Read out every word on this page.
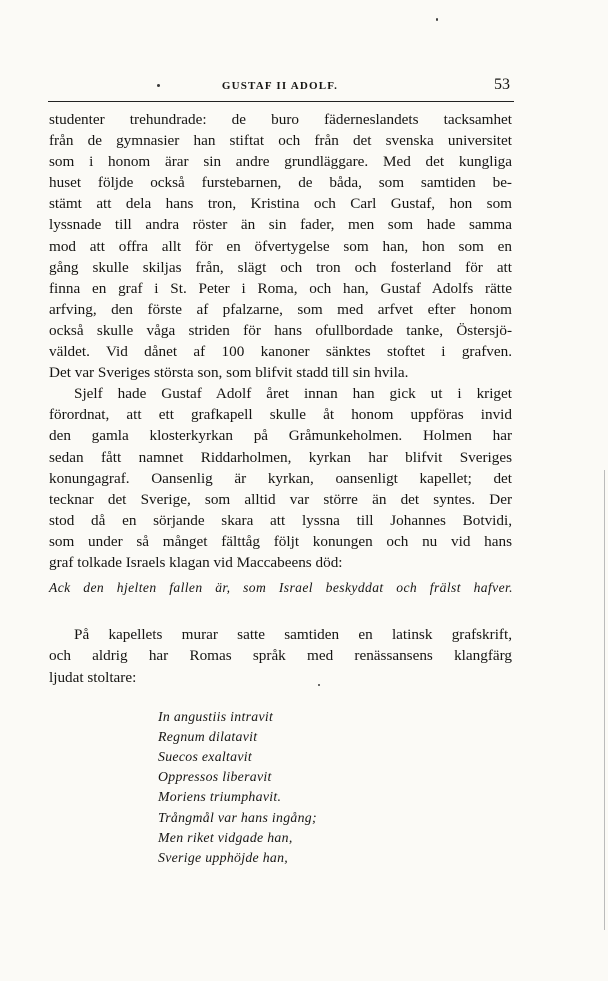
GUSTAF II ADOLF.	53

studenter trehundrade: de buro fäderneslandets tacksamhet
från de gymnasier han stiftat och från det svenska universitet
som i honom ärar sin andre grundläggare. Med det kungliga
huset följde också furstebarnen, de båda, som samtiden be-
stämt att dela hans tron, Kristina och Carl Gustaf, hon som
lyssnade till andra röster än sin fader, men som hade samma
mod att offra allt för en öfvertygelse som han, hon som en
gång skulle skiljas från, slägt och tron och fosterland för att
finna en graf i St. Peter i Roma, och han, Gustaf Adolfs rätte
arfving, den förste af pfalzarne, som med arfvet efter honom
också skulle våga striden för hans ofullbordade tanke, Östersjö-
väldet. Vid dånet af 100 kanoner sänktes stoftet i grafven.
Det var Sveriges största son, som blifvit stadd till sin hvila.

Sjelf hade Gustaf Adolf året innan han gick ut i kriget
förordnat, att ett grafkapell skulle åt honom uppföras invid
den gamla klosterkyrkan på Gråmunkeholmen. Holmen har
sedan fått namnet Riddarholmen, kyrkan har blifvit Sveriges
konungagraf. Oansenlig är kyrkan, oansenligt kapellet; det
tecknar det Sverige, som alltid var större än det syntes. Der
stod då en sörjande skara att lyssna till Johannes Botvidi,
som under så månget fälttåg följt konungen och nu vid hans
graf tolkade Israels klagan vid Maccabeens död:

Ack den hjelten fallen är, som Israel beskyddat och frälst hafver.
På kapellets murar satte samtiden en latinsk grafskrift,
och aldrig har Romas språk med renässansens klangfärg
ljudat stoltare:
In angustiis intravit
Regnum dilatavit
Suecos exaltavit
Oppressos liberavit
Moriens triumphavit.
Trångmål var hans ingång;
Men riket vidgade han,
Sverige upphöjde han,
